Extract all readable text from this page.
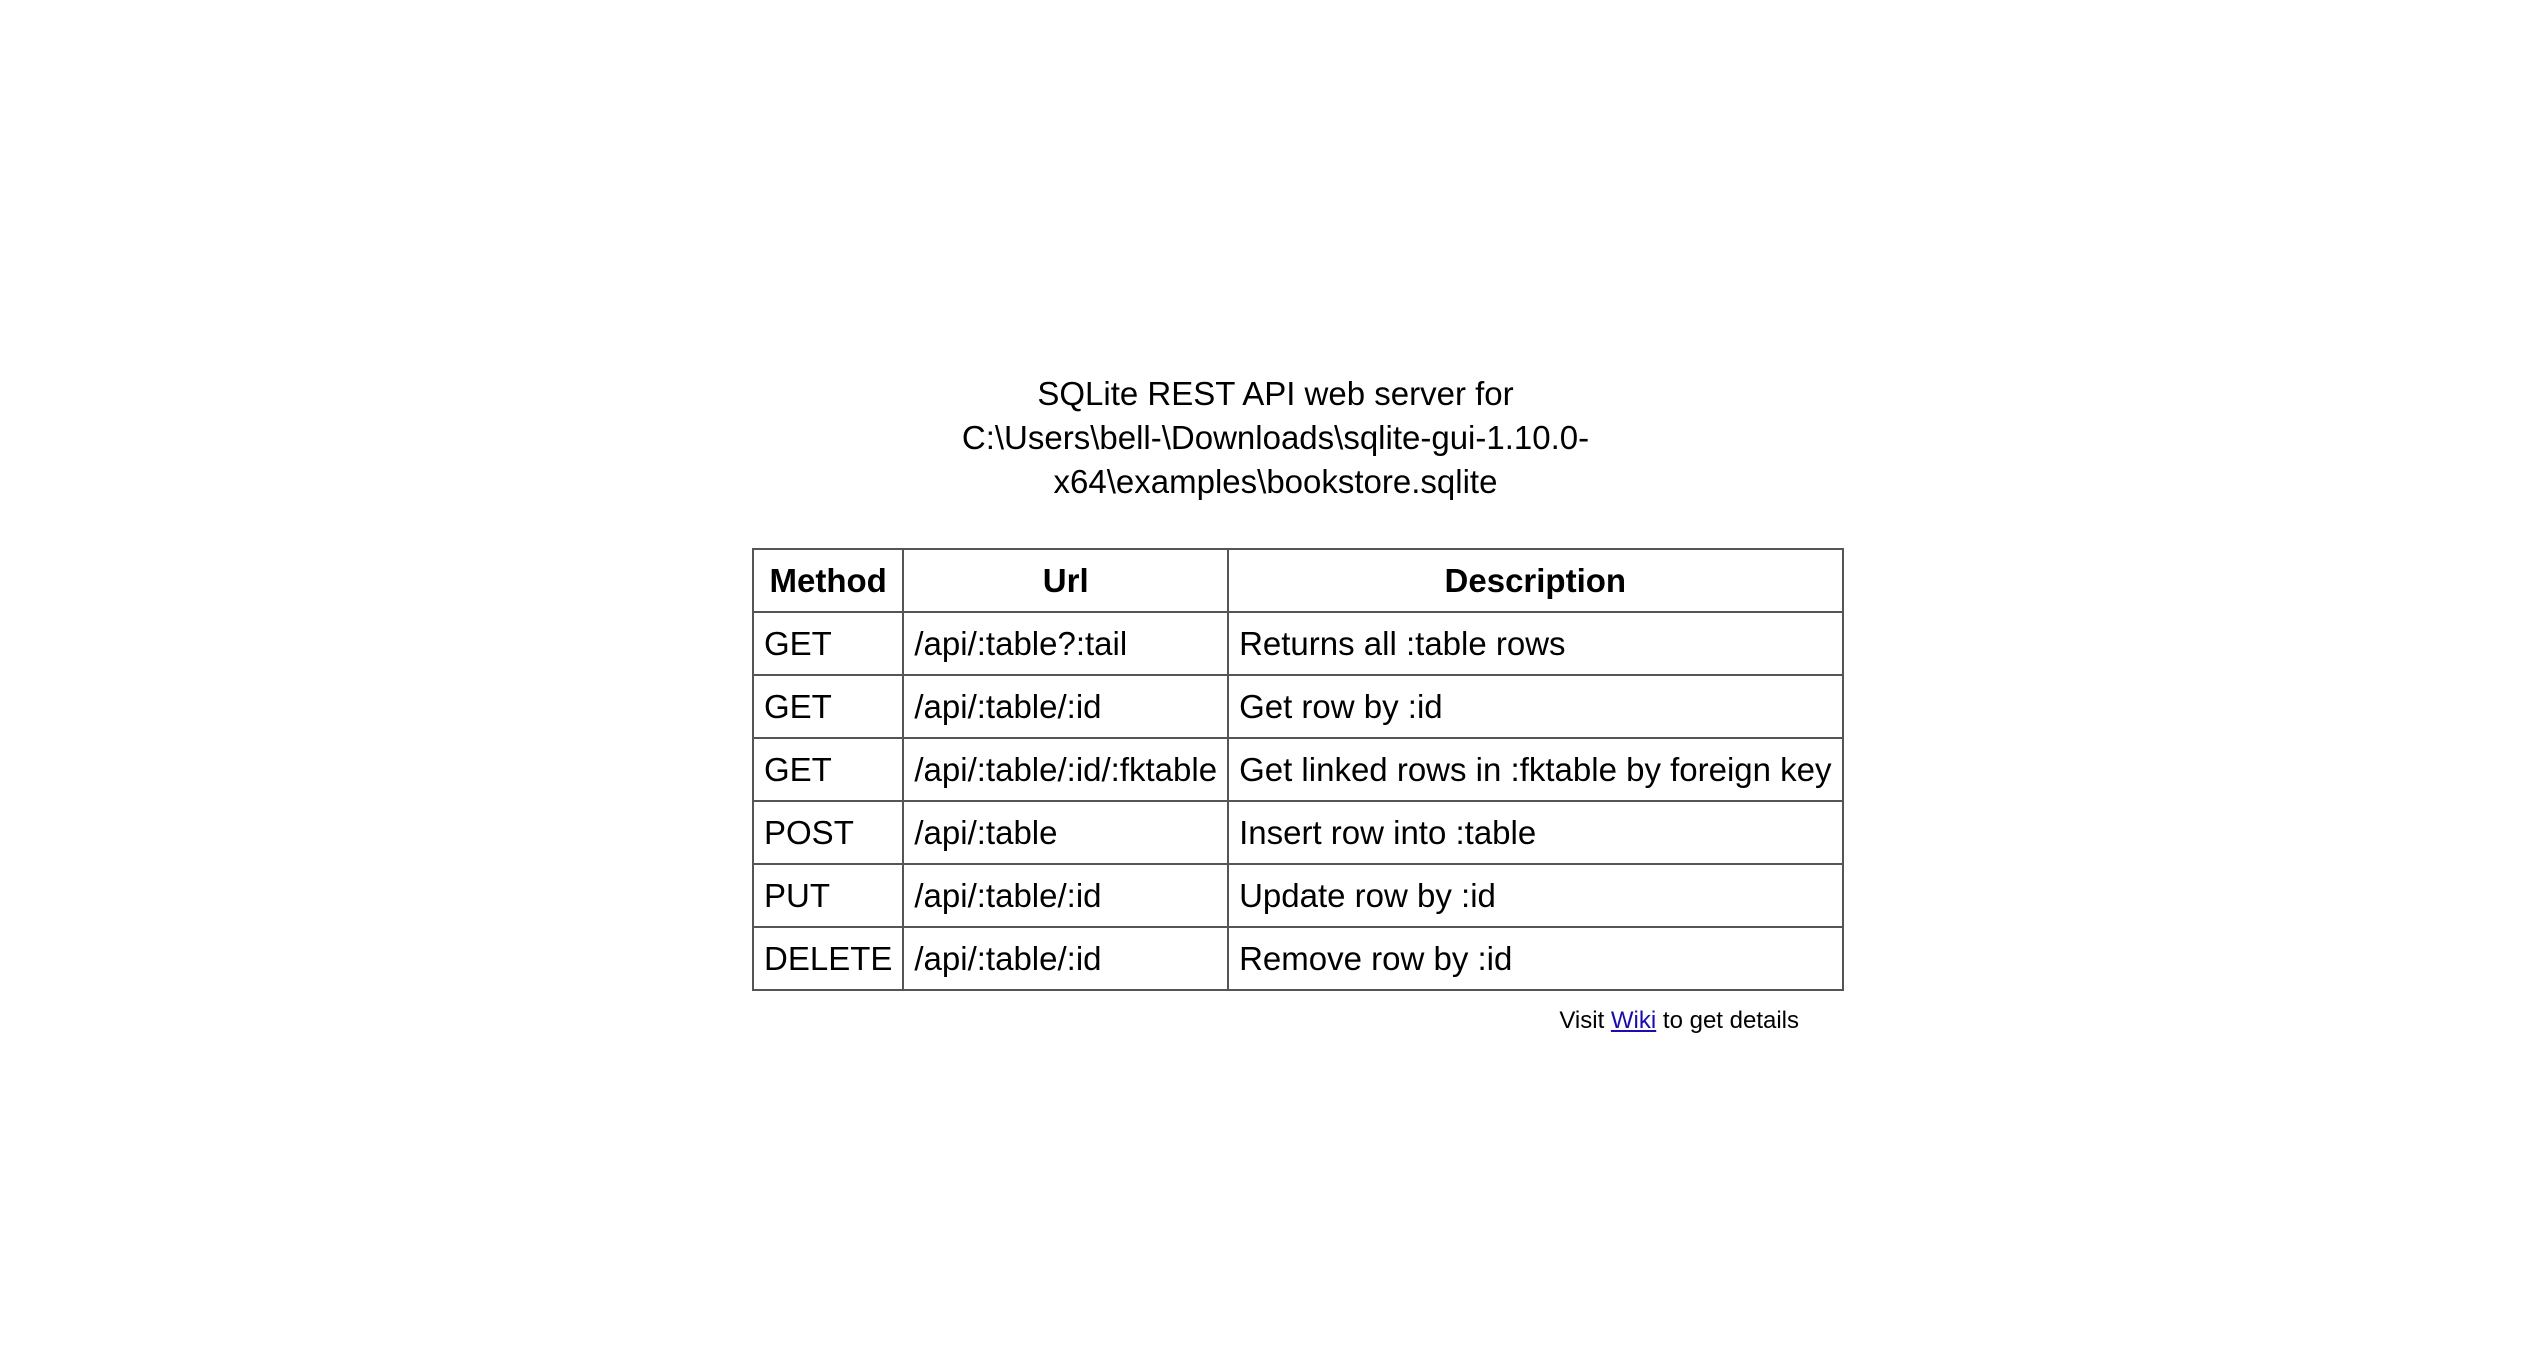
SQLite REST API web server for
C:\Users\bell-\Downloads\sqlite-gui-1.10.0-x64\examples\bookstore.sqlite
Method	Url	Description
GET	/api/:table?:tail	Returns all :table rows
GET	/api/:table/:id	Get row by :id
GET	/api/:table/:id/:fktable	Get linked rows in :fktable by foreign key
POST	/api/:table	Insert row into :table
PUT	/api/:table/:id	Update row by :id
DELETE	/api/:table/:id	Remove row by :id
Visit Wiki to get details
